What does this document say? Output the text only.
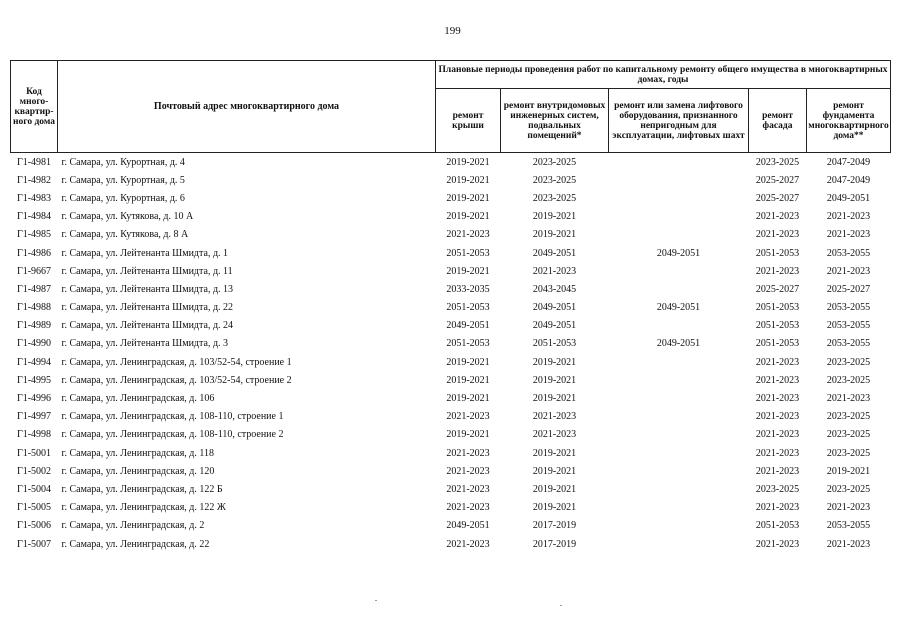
199
Код много-квартир-ного дома	Почтовый адрес многоквартирного дома	Плановые периоды проведения работ по капитальному ремонту общего имущества в многоквартирных домах, годы				
		ремонт крыши	ремонт внутридомовых инженерных систем, подвальных помещений*	ремонт или замена лифтового оборудования, признанного непригодным для эксплуатации, лифтовых шахт	ремонт фасада	ремонт фундамента многоквартирного дома**
Г1-4981	г. Самара, ул. Курортная, д. 4	2019-2021	2023-2025		2023-2025	2047-2049
Г1-4982	г. Самара, ул. Курортная, д. 5	2019-2021	2023-2025		2025-2027	2047-2049
Г1-4983	г. Самара, ул. Курортная, д. 6	2019-2021	2023-2025		2025-2027	2049-2051
Г1-4984	г. Самара, ул. Кутякова, д. 10 А	2019-2021	2019-2021		2021-2023	2021-2023
Г1-4985	г. Самара, ул. Кутякова, д. 8 А	2021-2023	2019-2021		2021-2023	2021-2023
Г1-4986	г. Самара, ул. Лейтенанта Шмидта, д. 1	2051-2053	2049-2051	2049-2051	2051-2053	2053-2055
Г1-9667	г. Самара, ул. Лейтенанта Шмидта, д. 11	2019-2021	2021-2023		2021-2023	2021-2023
Г1-4987	г. Самара, ул. Лейтенанта Шмидта, д. 13	2033-2035	2043-2045		2025-2027	2025-2027
Г1-4988	г. Самара, ул. Лейтенанта Шмидта, д. 22	2051-2053	2049-2051	2049-2051	2051-2053	2053-2055
Г1-4989	г. Самара, ул. Лейтенанта Шмидта, д. 24	2049-2051	2049-2051		2051-2053	2053-2055
Г1-4990	г. Самара, ул. Лейтенанта Шмидта, д. 3	2051-2053	2051-2053	2049-2051	2051-2053	2053-2055
Г1-4994	г. Самара, ул. Ленинградская, д. 103/52-54, строение 1	2019-2021	2019-2021		2021-2023	2023-2025
Г1-4995	г. Самара, ул. Ленинградская, д. 103/52-54, строение 2	2019-2021	2019-2021		2021-2023	2023-2025
Г1-4996	г. Самара, ул. Ленинградская, д. 106	2019-2021	2019-2021		2021-2023	2021-2023
Г1-4997	г. Самара, ул. Ленинградская, д. 108-110, строение 1	2021-2023	2021-2023		2021-2023	2023-2025
Г1-4998	г. Самара, ул. Ленинградская, д. 108-110, строение 2	2019-2021	2021-2023		2021-2023	2023-2025
Г1-5001	г. Самара, ул. Ленинградская, д. 118	2021-2023	2019-2021		2021-2023	2023-2025
Г1-5002	г. Самара, ул. Ленинградская, д. 120	2021-2023	2019-2021		2021-2023	2019-2021
Г1-5004	г. Самара, ул. Ленинградская, д. 122 Б	2021-2023	2019-2021		2023-2025	2023-2025
Г1-5005	г. Самара, ул. Ленинградская, д. 122 Ж	2021-2023	2019-2021		2021-2023	2021-2023
Г1-5006	г. Самара, ул. Ленинградская, д. 2	2049-2051	2017-2019		2051-2053	2053-2055
Г1-5007	г. Самара, ул. Ленинградская, д. 22	2021-2023	2017-2019		2021-2023	2021-2023
